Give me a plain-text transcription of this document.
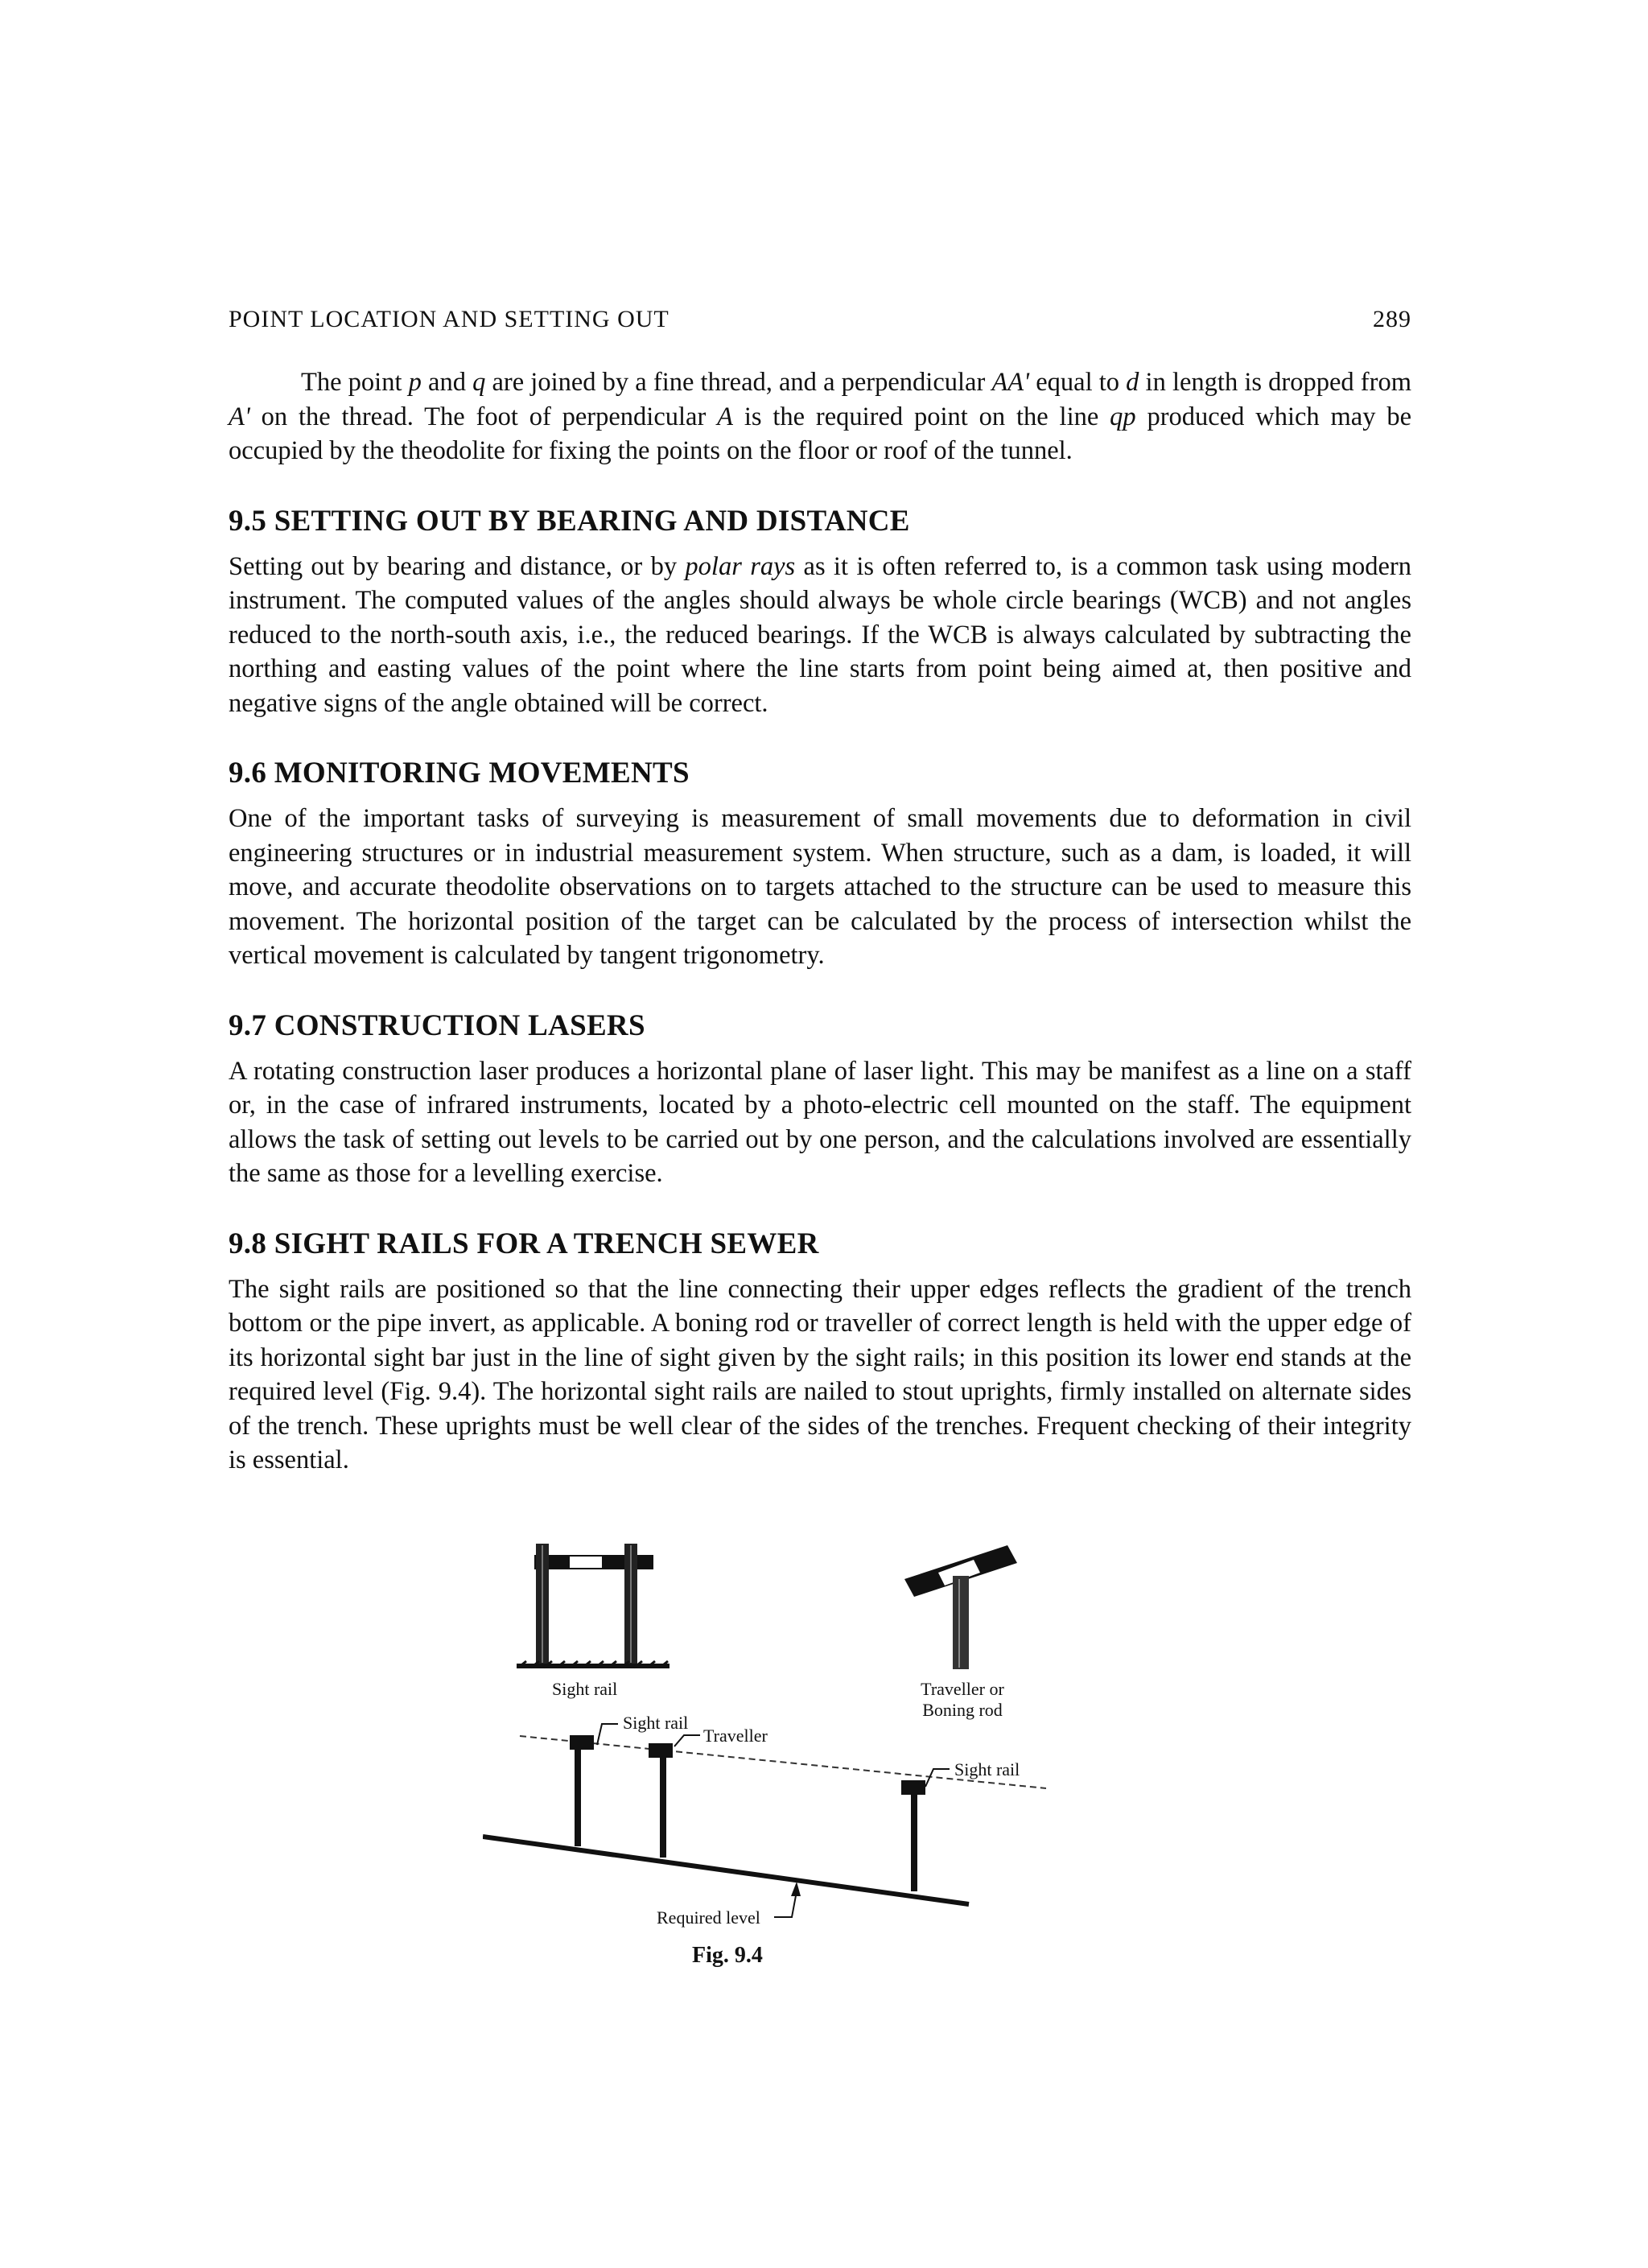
POINT LOCATION AND SETTING OUT	289

The point p and q are joined by a fine thread, and a perpendicular AA' equal to d in length is dropped from A' on the thread. The foot of perpendicular A is the required point on the line qp produced which may be occupied by the theodolite for fixing the points on the floor or roof of the tunnel.

9.5 SETTING OUT BY BEARING AND DISTANCE

Setting out by bearing and distance, or by polar rays as it is often referred to, is a common task using modern instrument. The computed values of the angles should always be whole circle bearings (WCB) and not angles reduced to the north-south axis, i.e., the reduced bearings. If the WCB is always calculated by subtracting the northing and easting values of the point where the line starts from point being aimed at, then positive and negative signs of the angle obtained will be correct.

9.6 MONITORING MOVEMENTS

One of the important tasks of surveying is measurement of small movements due to deformation in civil engineering structures or in industrial measurement system. When structure, such as a dam, is loaded, it will move, and accurate theodolite observations on to targets attached to the structure can be used to measure this movement. The horizontal position of the target can be calculated by the process of intersection whilst the vertical movement is calculated by tangent trigonometry.

9.7 CONSTRUCTION LASERS

A rotating construction laser produces a horizontal plane of laser light. This may be manifest as a line on a staff or, in the case of infrared instruments, located by a photo-electric cell mounted on the staff. The equipment allows the task of setting out levels to be carried out by one person, and the calculations involved are essentially the same as those for a levelling exercise.

9.8 SIGHT RAILS FOR A TRENCH SEWER

The sight rails are positioned so that the line connecting their upper edges reflects the gradient of the trench bottom or the pipe invert, as applicable. A boning rod or traveller of correct length is held with the upper edge of its horizontal sight bar just in the line of sight given by the sight rails; in this position its lower end stands at the required level (Fig. 9.4). The horizontal sight rails are nailed to stout uprights, firmly installed on alternate sides of the trench. These uprights must be well clear of the sides of the trenches. Frequent checking of their integrity is essential.

Sight rail	Traveller or
Boning rod
Sight rail
Traveller
Sight rail
Required level
Fig. 9.4
